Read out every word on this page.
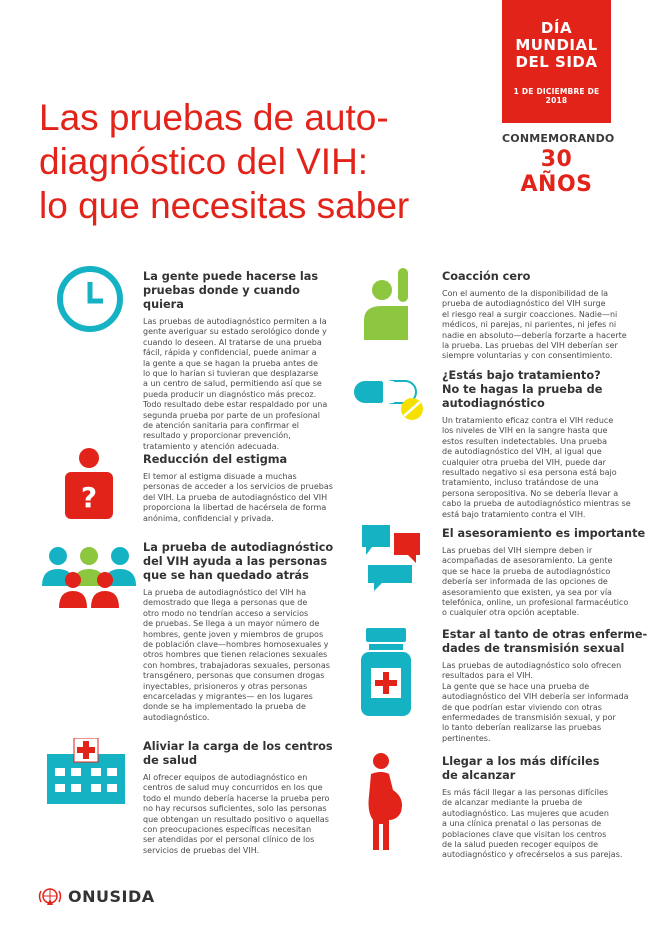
DÍA
MUNDIAL
DEL SIDA
1 DE DICIEMBRE DE 2018
CONMEMORANDO
30 AÑOS
Las pruebas de auto-
diagnóstico del VIH:
lo que necesitas saber
?
La gente puede hacerse las
pruebas donde y cuando quiera

Las pruebas de autodiagnóstico permiten a la
gente averiguar su estado serológico donde y
cuando lo deseen. Al tratarse de una prueba
fácil, rápida y confidencial, puede animar a
la gente a que se hagan la prueba antes de
lo que lo harían si tuvieran que desplazarse
a un centro de salud, permitiendo así que se
pueda producir un diagnóstico más precoz.
Todo resultado debe estar respaldado por una
segunda prueba por parte de un profesional
de atención sanitaria para confirmar el
resultado y proporcionar prevención,
tratamiento y atención adecuada.

Reducción del estigma

El temor al estigma disuade a muchas
personas de acceder a los servicios de pruebas
del VIH. La prueba de autodiagnóstico del VIH
proporciona la libertad de hacérsela de forma
anónima, confidencial y privada.

La prueba de autodiagnóstico
del VIH ayuda a las personas
que se han quedado atrás

La prueba de autodiagnóstico del VIH ha
demostrado que llega a personas que de
otro modo no tendrían acceso a servicios
de pruebas. Se llega a un mayor número de
hombres, gente joven y miembros de grupos
de población clave—hombres homosexuales y
otros hombres que tienen relaciones sexuales
con hombres, trabajadoras sexuales, personas
transgénero, personas que consumen drogas
inyectables, prisioneros y otras personas
encarceladas y migrantes— en los lugares
donde se ha implementado la prueba de
autodiagnóstico.

Aliviar la carga de los centros
de salud

Al ofrecer equipos de autodiagnóstico en
centros de salud muy concurridos en los que
todo el mundo debería hacerse la prueba pero
no hay recursos suficientes, solo las personas
que obtengan un resultado positivo o aquellas
con preocupaciones específicas necesitan
ser atendidas por el personal clínico de los
servicios de pruebas del VIH.

Coacción cero

Con el aumento de la disponibilidad de la
prueba de autodiagnóstico del VIH surge
el riesgo real a surgir coacciones. Nadie—ni
médicos, ni parejas, ni parientes, ni jefes ni
nadie en absoluto—debería forzarte a hacerte
la prueba. Las pruebas del VIH deberían ser
siempre voluntarias y con consentimiento.

¿Estás bajo tratamiento?
No te hagas la prueba de
autodiagnóstico

Un tratamiento eficaz contra el VIH reduce
los niveles de VIH en la sangre hasta que
estos resulten indetectables. Una prueba
de autodiagnóstico del VIH, al igual que
cualquier otra prueba del VIH, puede dar
resultado negativo si esa persona está bajo
tratamiento, incluso tratándose de una
persona seropositiva. No se debería llevar a
cabo la prueba de autodiagnóstico mientras se
está bajo tratamiento contra el VIH.

El asesoramiento es importante

Las pruebas del VIH siempre deben ir
acompañadas de asesoramiento. La gente
que se hace la prueba de autodiagnóstico
debería ser informada de las opciones de
asesoramiento que existen, ya sea por vía
telefónica, online, un profesional farmacéutico
o cualquier otra opción aceptable.

Estar al tanto de otras enfermе-
dades de transmisión sexual

Las pruebas de autodiagnóstico solo ofrecen
resultados para el VIH.
La gente que se hace una prueba de
autodiagnóstico del VIH debería ser informada
de que podrían estar viviendo con otras
enfermedades de transmisión sexual, y por
lo tanto deberían realizarse las pruebas
pertinentes.

Llegar a los más difíciles
de alcanzar

Es más fácil llegar a las personas difíciles
de alcanzar mediante la prueba de
autodiagnóstico. Las mujeres que acuden
a una clínica prenatal o las personas de
poblaciones clave que visitan los centros
de la salud pueden recoger equipos de
autodiagnóstico y ofrecérselos a sus parejas.

ONUSIDA
